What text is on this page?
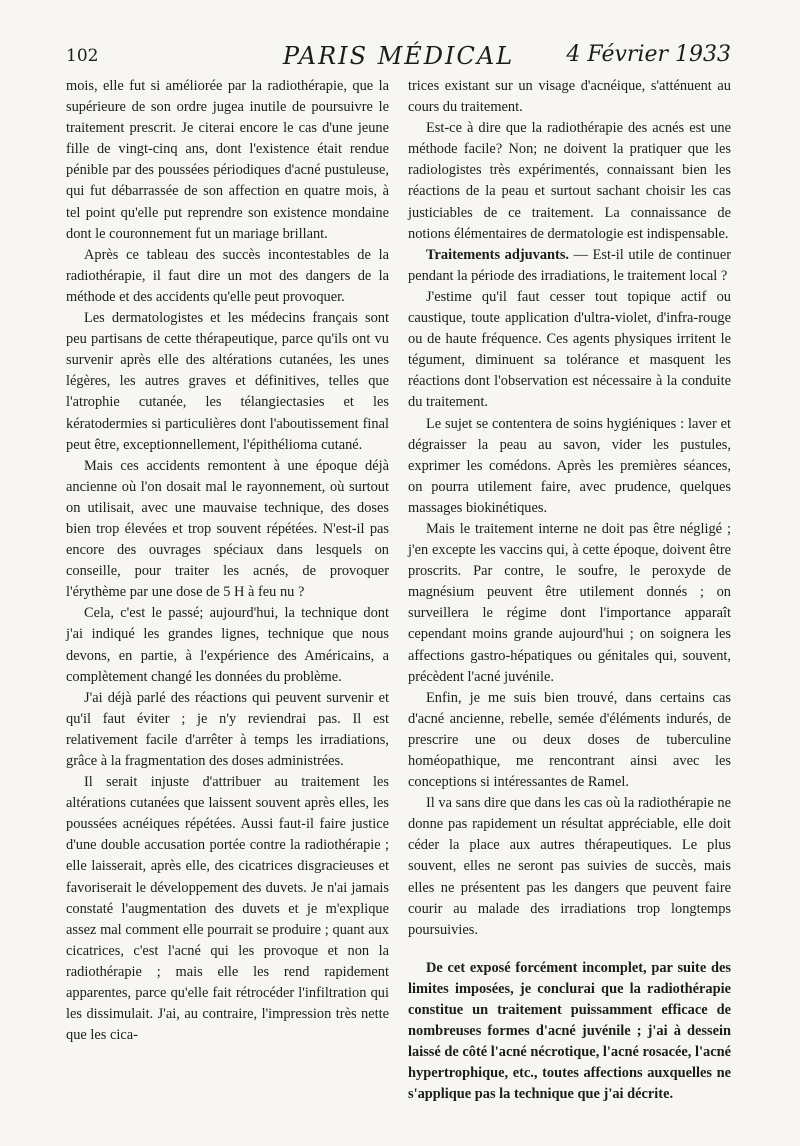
102	PARIS MÉDICAL	4 Février 1933

mois, elle fut si améliorée par la radiothérapie, que la supérieure de son ordre jugea inutile de poursuivre le traitement prescrit. Je citerai encore le cas d'une jeune fille de vingt-cinq ans, dont l'existence était rendue pénible par des poussées périodiques d'acné pustuleuse, qui fut débarrassée de son affection en quatre mois, à tel point qu'elle put reprendre son existence mondaine dont le couronnement fut un mariage brillant.

Après ce tableau des succès incontestables de la radiothérapie, il faut dire un mot des dangers de la méthode et des accidents qu'elle peut provoquer.

Les dermatologistes et les médecins français sont peu partisans de cette thérapeutique, parce qu'ils ont vu survenir après elle des altérations cutanées, les unes légères, les autres graves et définitives, telles que l'atrophie cutanée, les télangiectasies et les kératodermies si particulières dont l'aboutissement final peut être, exceptionnellement, l'épithélioma cutané.

Mais ces accidents remontent à une époque déjà ancienne où l'on dosait mal le rayonnement, où surtout on utilisait, avec une mauvaise technique, des doses bien trop élevées et trop souvent répétées. N'est-il pas encore des ouvrages spéciaux dans lesquels on conseille, pour traiter les acnés, de provoquer l'érythème par une dose de 5 H à feu nu ?

Cela, c'est le passé; aujourd'hui, la technique dont j'ai indiqué les grandes lignes, technique que nous devons, en partie, à l'expérience des Américains, a complètement changé les données du problème.

J'ai déjà parlé des réactions qui peuvent survenir et qu'il faut éviter ; je n'y reviendrai pas. Il est relativement facile d'arrêter à temps les irradiations, grâce à la fragmentation des doses administrées.

Il serait injuste d'attribuer au traitement les altérations cutanées que laissent souvent après elles, les poussées acnéiques répétées. Aussi faut-il faire justice d'une double accusation portée contre la radiothérapie ; elle laisserait, après elle, des cicatrices disgracieuses et favoriserait le développement des duvets. Je n'ai jamais constaté l'augmentation des duvets et je m'explique assez mal comment elle pourrait se produire ; quant aux cicatrices, c'est l'acné qui les provoque et non la radiothérapie ; mais elle les rend rapidement apparentes, parce qu'elle fait rétrocéder l'infiltration qui les dissimulait. J'ai, au contraire, l'impression très nette que les cica-

trices existant sur un visage d'acnéique, s'atténuent au cours du traitement.

Est-ce à dire que la radiothérapie des acnés est une méthode facile? Non; ne doivent la pratiquer que les radiologistes très expérimentés, connaissant bien les réactions de la peau et surtout sachant choisir les cas justiciables de ce traitement. La connaissance de notions élémentaires de dermatologie est indispensable.

Traitements adjuvants. — Est-il utile de continuer pendant la période des irradiations, le traitement local ?

J'estime qu'il faut cesser tout topique actif ou caustique, toute application d'ultra-violet, d'infra-rouge ou de haute fréquence. Ces agents physiques irritent le tégument, diminuent sa tolérance et masquent les réactions dont l'observation est nécessaire à la conduite du traitement.

Le sujet se contentera de soins hygiéniques : laver et dégraisser la peau au savon, vider les pustules, exprimer les comédons. Après les premières séances, on pourra utilement faire, avec prudence, quelques massages biokinétiques.

Mais le traitement interne ne doit pas être négligé ; j'en excepte les vaccins qui, à cette époque, doivent être proscrits. Par contre, le soufre, le peroxyde de magnésium peuvent être utilement donnés ; on surveillera le régime dont l'importance apparaît cependant moins grande aujourd'hui ; on soignera les affections gastro-hépatiques ou génitales qui, souvent, précèdent l'acné juvénile.

Enfin, je me suis bien trouvé, dans certains cas d'acné ancienne, rebelle, semée d'éléments indurés, de prescrire une ou deux doses de tuberculine homéopathique, me rencontrant ainsi avec les conceptions si intéressantes de Ramel.

Il va sans dire que dans les cas où la radiothérapie ne donne pas rapidement un résultat appréciable, elle doit céder la place aux autres thérapeutiques. Le plus souvent, elles ne seront pas suivies de succès, mais elles ne présentent pas les dangers que peuvent faire courir au malade des irradiations trop longtemps poursuivies.

De cet exposé forcément incomplet, par suite des limites imposées, je conclurai que la radiothérapie constitue un traitement puissamment efficace de nombreuses formes d'acné juvénile ; j'ai à dessein laissé de côté l'acné nécrotique, l'acné rosacée, l'acné hypertrophique, etc., toutes affections auxquelles ne s'applique pas la technique que j'ai décrite.
